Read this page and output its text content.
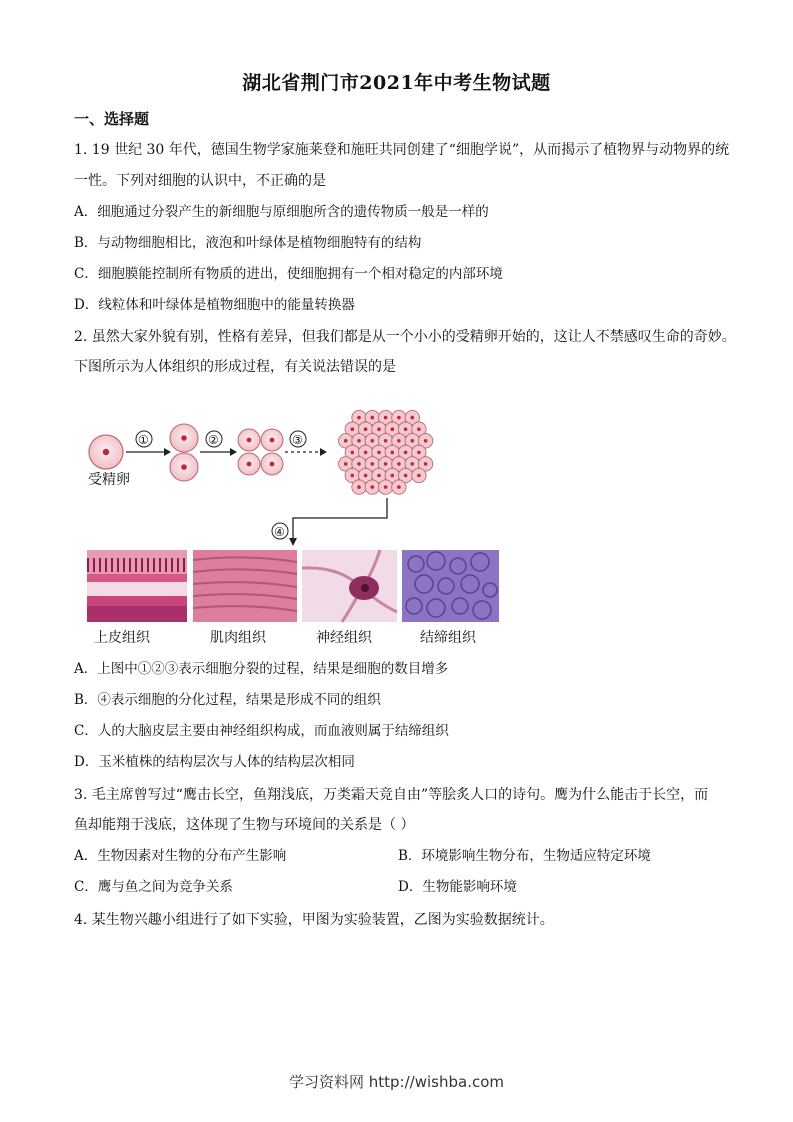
湖北省荆门市2021年中考生物试题
一、选择题
1. 19 世纪 30 年代，德国生物学家施莱登和施旺共同创建了“细胞学说”，从而揭示了植物界与动物界的统
一性。下列对细胞的认识中，不正确的是
A．细胞通过分裂产生的新细胞与原细胞所含的遗传物质一般是一样的
B．与动物细胞相比，液泡和叶绿体是植物细胞特有的结构
C．细胞膜能控制所有物质的进出，使细胞拥有一个相对稳定的内部环境
D．线粒体和叶绿体是植物细胞中的能量转换器
2. 虽然大家外貌有别，性格有差异，但我们都是从一个小小的受精卵开始的，这让人不禁感叹生命的奇妙。
下图所示为人体组织的形成过程，有关说法错误的是
受精卵
①	②	③
④
上皮组织	肌肉组织	神经组织	结缔组织
A．上图中①②③表示细胞分裂的过程，结果是细胞的数目增多
B．④表示细胞的分化过程，结果是形成不同的组织
C．人的大脑皮层主要由神经组织构成，而血液则属于结缔组织
D．玉米植株的结构层次与人体的结构层次相同
3. 毛主席曾写过“鹰击长空，鱼翔浅底，万类霜天竞自由”等脍炙人口的诗句。鹰为什么能击于长空，而
鱼却能翔于浅底，这体现了生物与环境间的关系是（ ）
A．生物因素对生物的分布产生影响	B．环境影响生物分布，生物适应特定环境
C．鹰与鱼之间为竞争关系	D．生物能影响环境
4. 某生物兴趣小组进行了如下实验，甲图为实验装置，乙图为实验数据统计。
学习资料网 http://wishba.com
